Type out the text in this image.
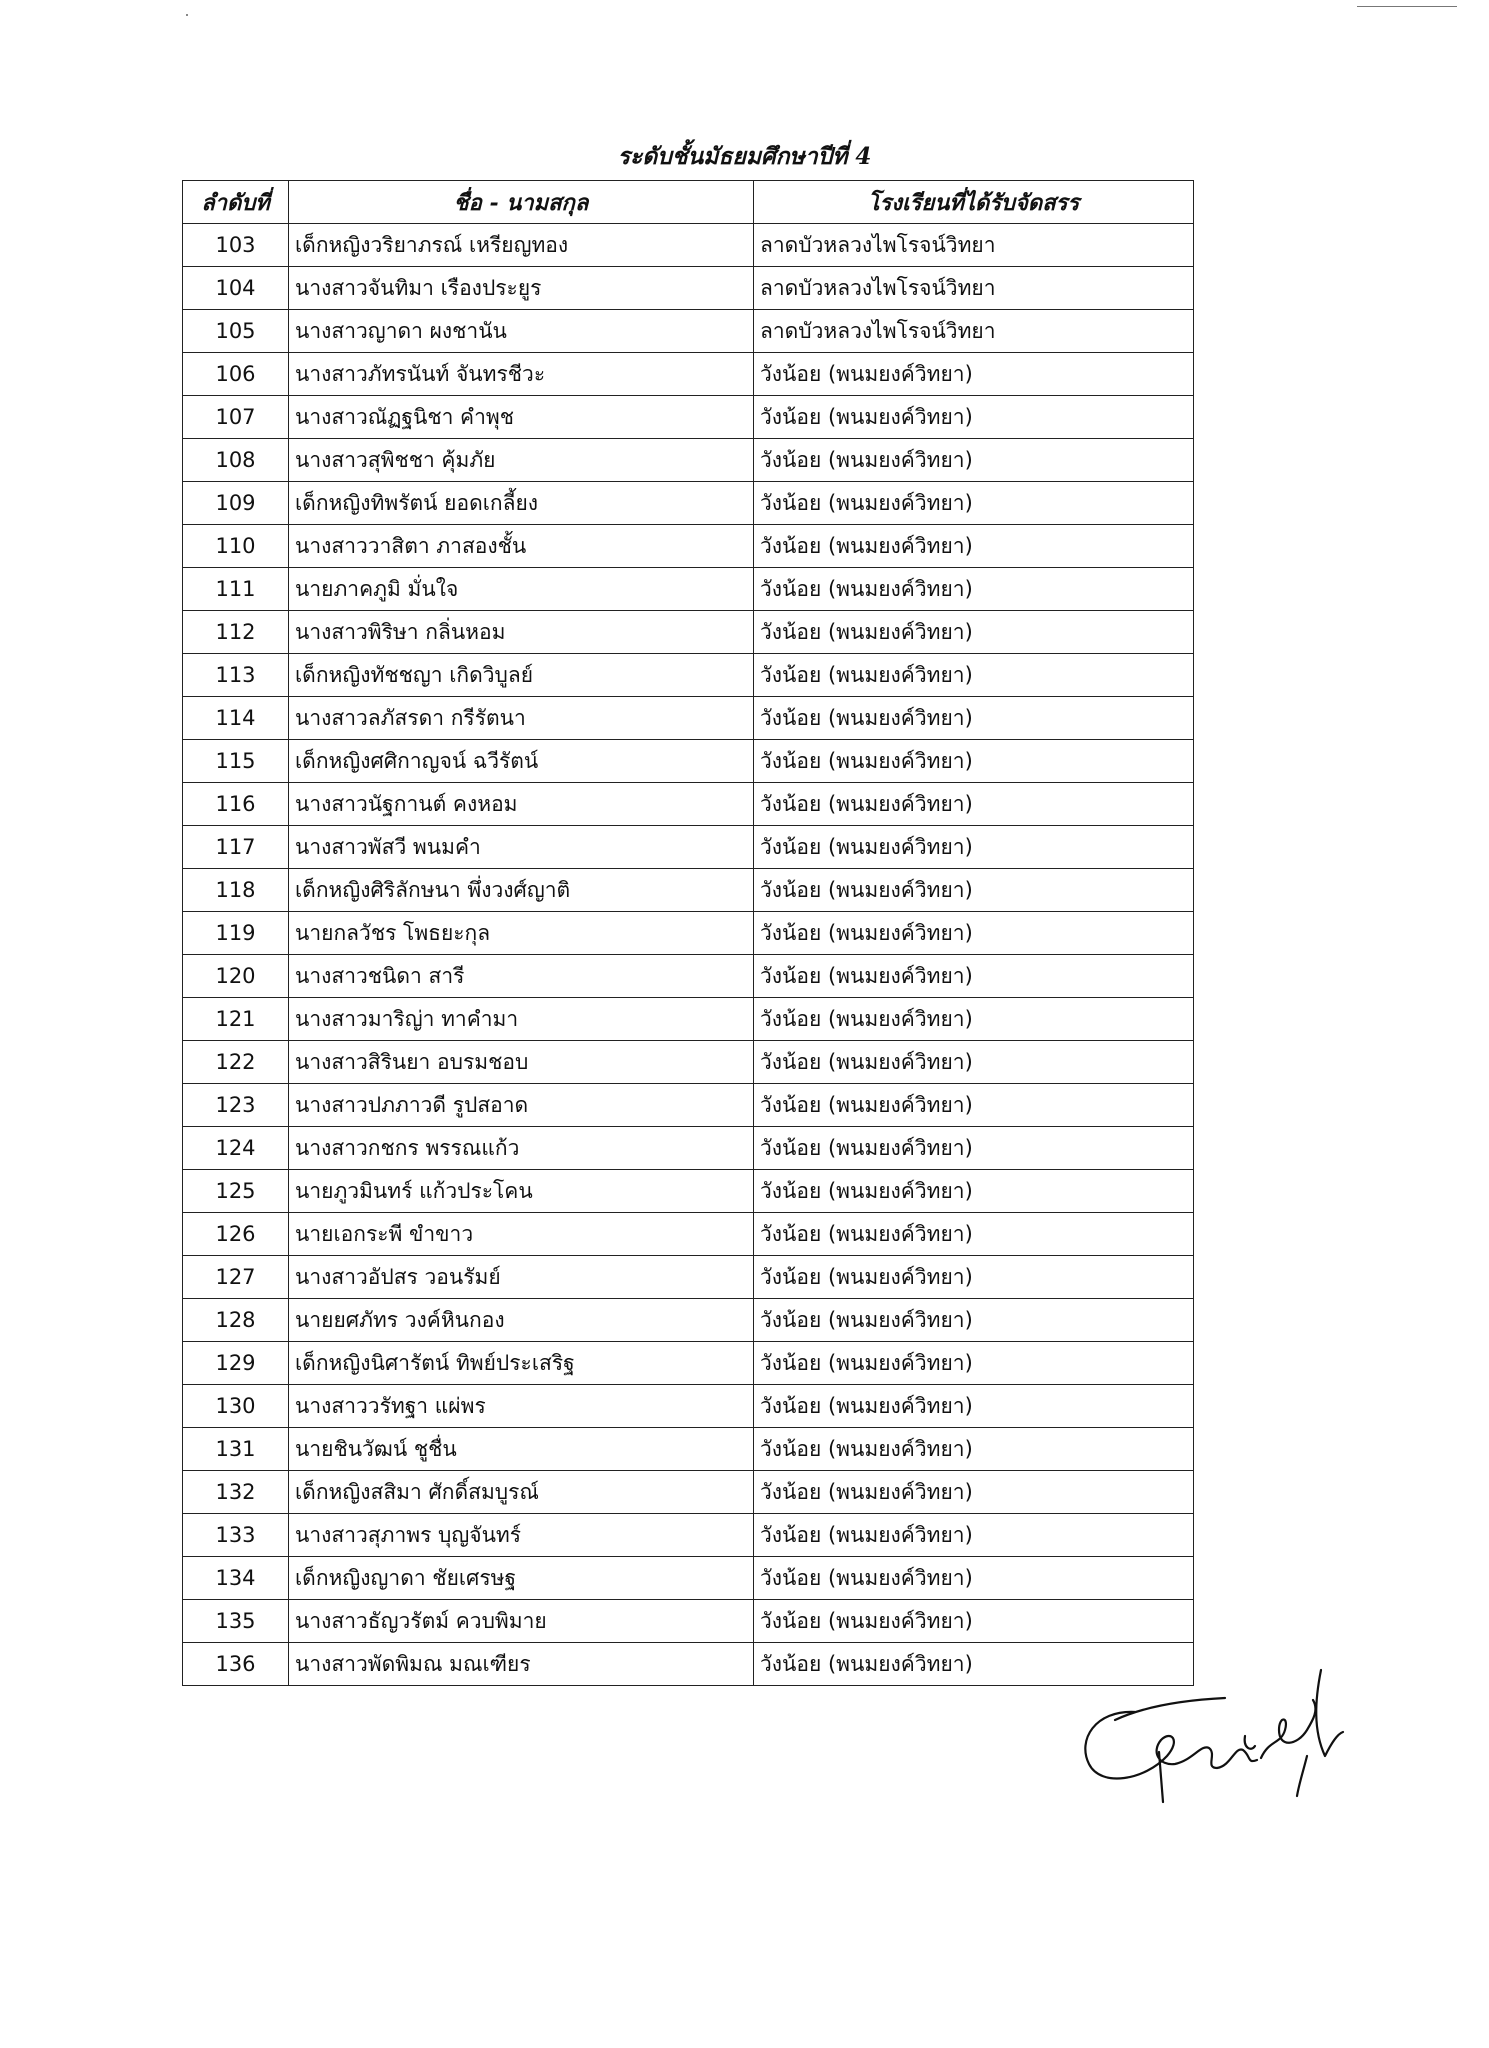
ระดับชั้นมัธยมศึกษาปีที่ 4
ลำดับที่	ชื่อ - นามสกุล	โรงเรียนที่ได้รับจัดสรร
103	เด็กหญิงวริยาภรณ์ เหรียญทอง	ลาดบัวหลวงไพโรจน์วิทยา
104	นางสาวจันทิมา เรืองประยูร	ลาดบัวหลวงไพโรจน์วิทยา
105	นางสาวญาดา ผงชานัน	ลาดบัวหลวงไพโรจน์วิทยา
106	นางสาวภัทรนันท์ จันทรชีวะ	วังน้อย (พนมยงค์วิทยา)
107	นางสาวณัฏฐนิชา คำพุช	วังน้อย (พนมยงค์วิทยา)
108	นางสาวสุพิชชา คุ้มภัย	วังน้อย (พนมยงค์วิทยา)
109	เด็กหญิงทิพรัตน์ ยอดเกลี้ยง	วังน้อย (พนมยงค์วิทยา)
110	นางสาววาสิตา ภาสองชั้น	วังน้อย (พนมยงค์วิทยา)
111	นายภาคภูมิ มั่นใจ	วังน้อย (พนมยงค์วิทยา)
112	นางสาวพิริษา กลิ่นหอม	วังน้อย (พนมยงค์วิทยา)
113	เด็กหญิงทัชชญา เกิดวิบูลย์	วังน้อย (พนมยงค์วิทยา)
114	นางสาวลภัสรดา กรีรัตนา	วังน้อย (พนมยงค์วิทยา)
115	เด็กหญิงศศิกาญจน์ ฉวีรัตน์	วังน้อย (พนมยงค์วิทยา)
116	นางสาวนัฐกานต์ คงหอม	วังน้อย (พนมยงค์วิทยา)
117	นางสาวพัสวี พนมคำ	วังน้อย (พนมยงค์วิทยา)
118	เด็กหญิงศิริลักษนา พึ่งวงศ์ญาติ	วังน้อย (พนมยงค์วิทยา)
119	นายกลวัชร โพธยะกุล	วังน้อย (พนมยงค์วิทยา)
120	นางสาวชนิดา สารี	วังน้อย (พนมยงค์วิทยา)
121	นางสาวมาริญ่า ทาคำมา	วังน้อย (พนมยงค์วิทยา)
122	นางสาวสิรินยา อบรมชอบ	วังน้อย (พนมยงค์วิทยา)
123	นางสาวปภภาวดี รูปสอาด	วังน้อย (พนมยงค์วิทยา)
124	นางสาวกชกร พรรณแก้ว	วังน้อย (พนมยงค์วิทยา)
125	นายภูวมินทร์ แก้วประโคน	วังน้อย (พนมยงค์วิทยา)
126	นายเอกระพี ขำขาว	วังน้อย (พนมยงค์วิทยา)
127	นางสาวอัปสร วอนรัมย์	วังน้อย (พนมยงค์วิทยา)
128	นายยศภัทร วงค์หินกอง	วังน้อย (พนมยงค์วิทยา)
129	เด็กหญิงนิศารัตน์ ทิพย์ประเสริฐ	วังน้อย (พนมยงค์วิทยา)
130	นางสาววรัทฐา แผ่พร	วังน้อย (พนมยงค์วิทยา)
131	นายชินวัฒน์ ชูชื่น	วังน้อย (พนมยงค์วิทยา)
132	เด็กหญิงสสิมา ศักดิ์สมบูรณ์	วังน้อย (พนมยงค์วิทยา)
133	นางสาวสุภาพร บุญจันทร์	วังน้อย (พนมยงค์วิทยา)
134	เด็กหญิงญาดา ชัยเศรษฐ	วังน้อย (พนมยงค์วิทยา)
135	นางสาวธัญวรัตม์ ควบพิมาย	วังน้อย (พนมยงค์วิทยา)
136	นางสาวพัดพิมณ มณเฑียร	วังน้อย (พนมยงค์วิทยา)
